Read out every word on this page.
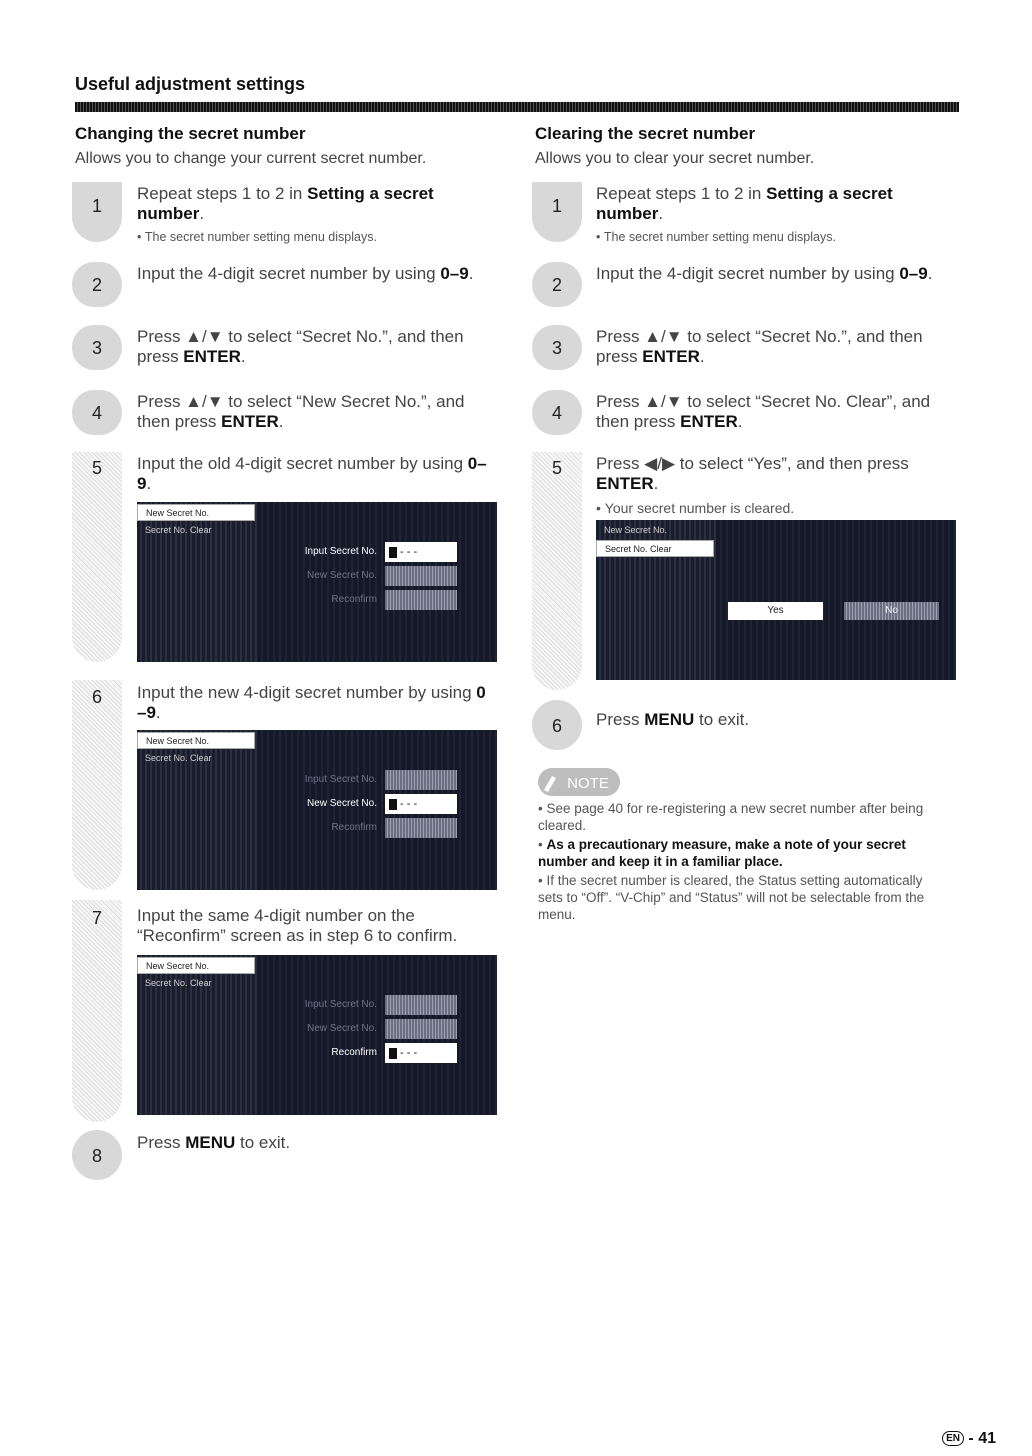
Useful adjustment settings
Changing the secret number
Allows you to change your current secret number.
1
Repeat steps 1 to 2 in Setting a secret number.
• The secret number setting menu displays.
2
Input the 4-digit secret number by using 0–9.
3
Press ▲/▼ to select “Secret No.”, and then press ENTER.
4
Press ▲/▼ to select “New Secret No.”, and then press ENTER.
5	Input the old 4-digit secret number by using 0–9.
New Secret No.
Secret No. Clear
Input Secret No.	- - -
New Secret No.
Reconfirm
6	Input the new 4-digit secret number by using 0 –9.
New Secret No.
Secret No. Clear
Input Secret No.
New Secret No.	- - -
Reconfirm
7	Input the same 4-digit number on the “Reconfirm” screen as in step 6 to confirm.
New Secret No.
Secret No. Clear
Input Secret No.
New Secret No.
Reconfirm	- - -
8
Press MENU to exit.
Clearing the secret number
Allows you to clear your secret number.
1
Repeat steps 1 to 2 in Setting a secret number.
• The secret number setting menu displays.
2
Input the 4-digit secret number by using 0–9.
3
Press ▲/▼ to select “Secret No.”, and then press ENTER.
4
Press ▲/▼ to select “Secret No. Clear”, and then press ENTER.
5	Press ◀/▶ to select “Yes”, and then press ENTER.
• Your secret number is cleared.
New Secret No.
Secret No. Clear
Yes	No
6 Press MENU to exit.
NOTE
• See page 40 for re-registering a new secret number after being cleared.
• As a precautionary measure, make a note of your secret number and keep it in a familiar place.
• If the secret number is cleared, the Status setting automatically sets to “Off”. “V-Chip” and “Status” will not be selectable from the menu.
EN - 41
